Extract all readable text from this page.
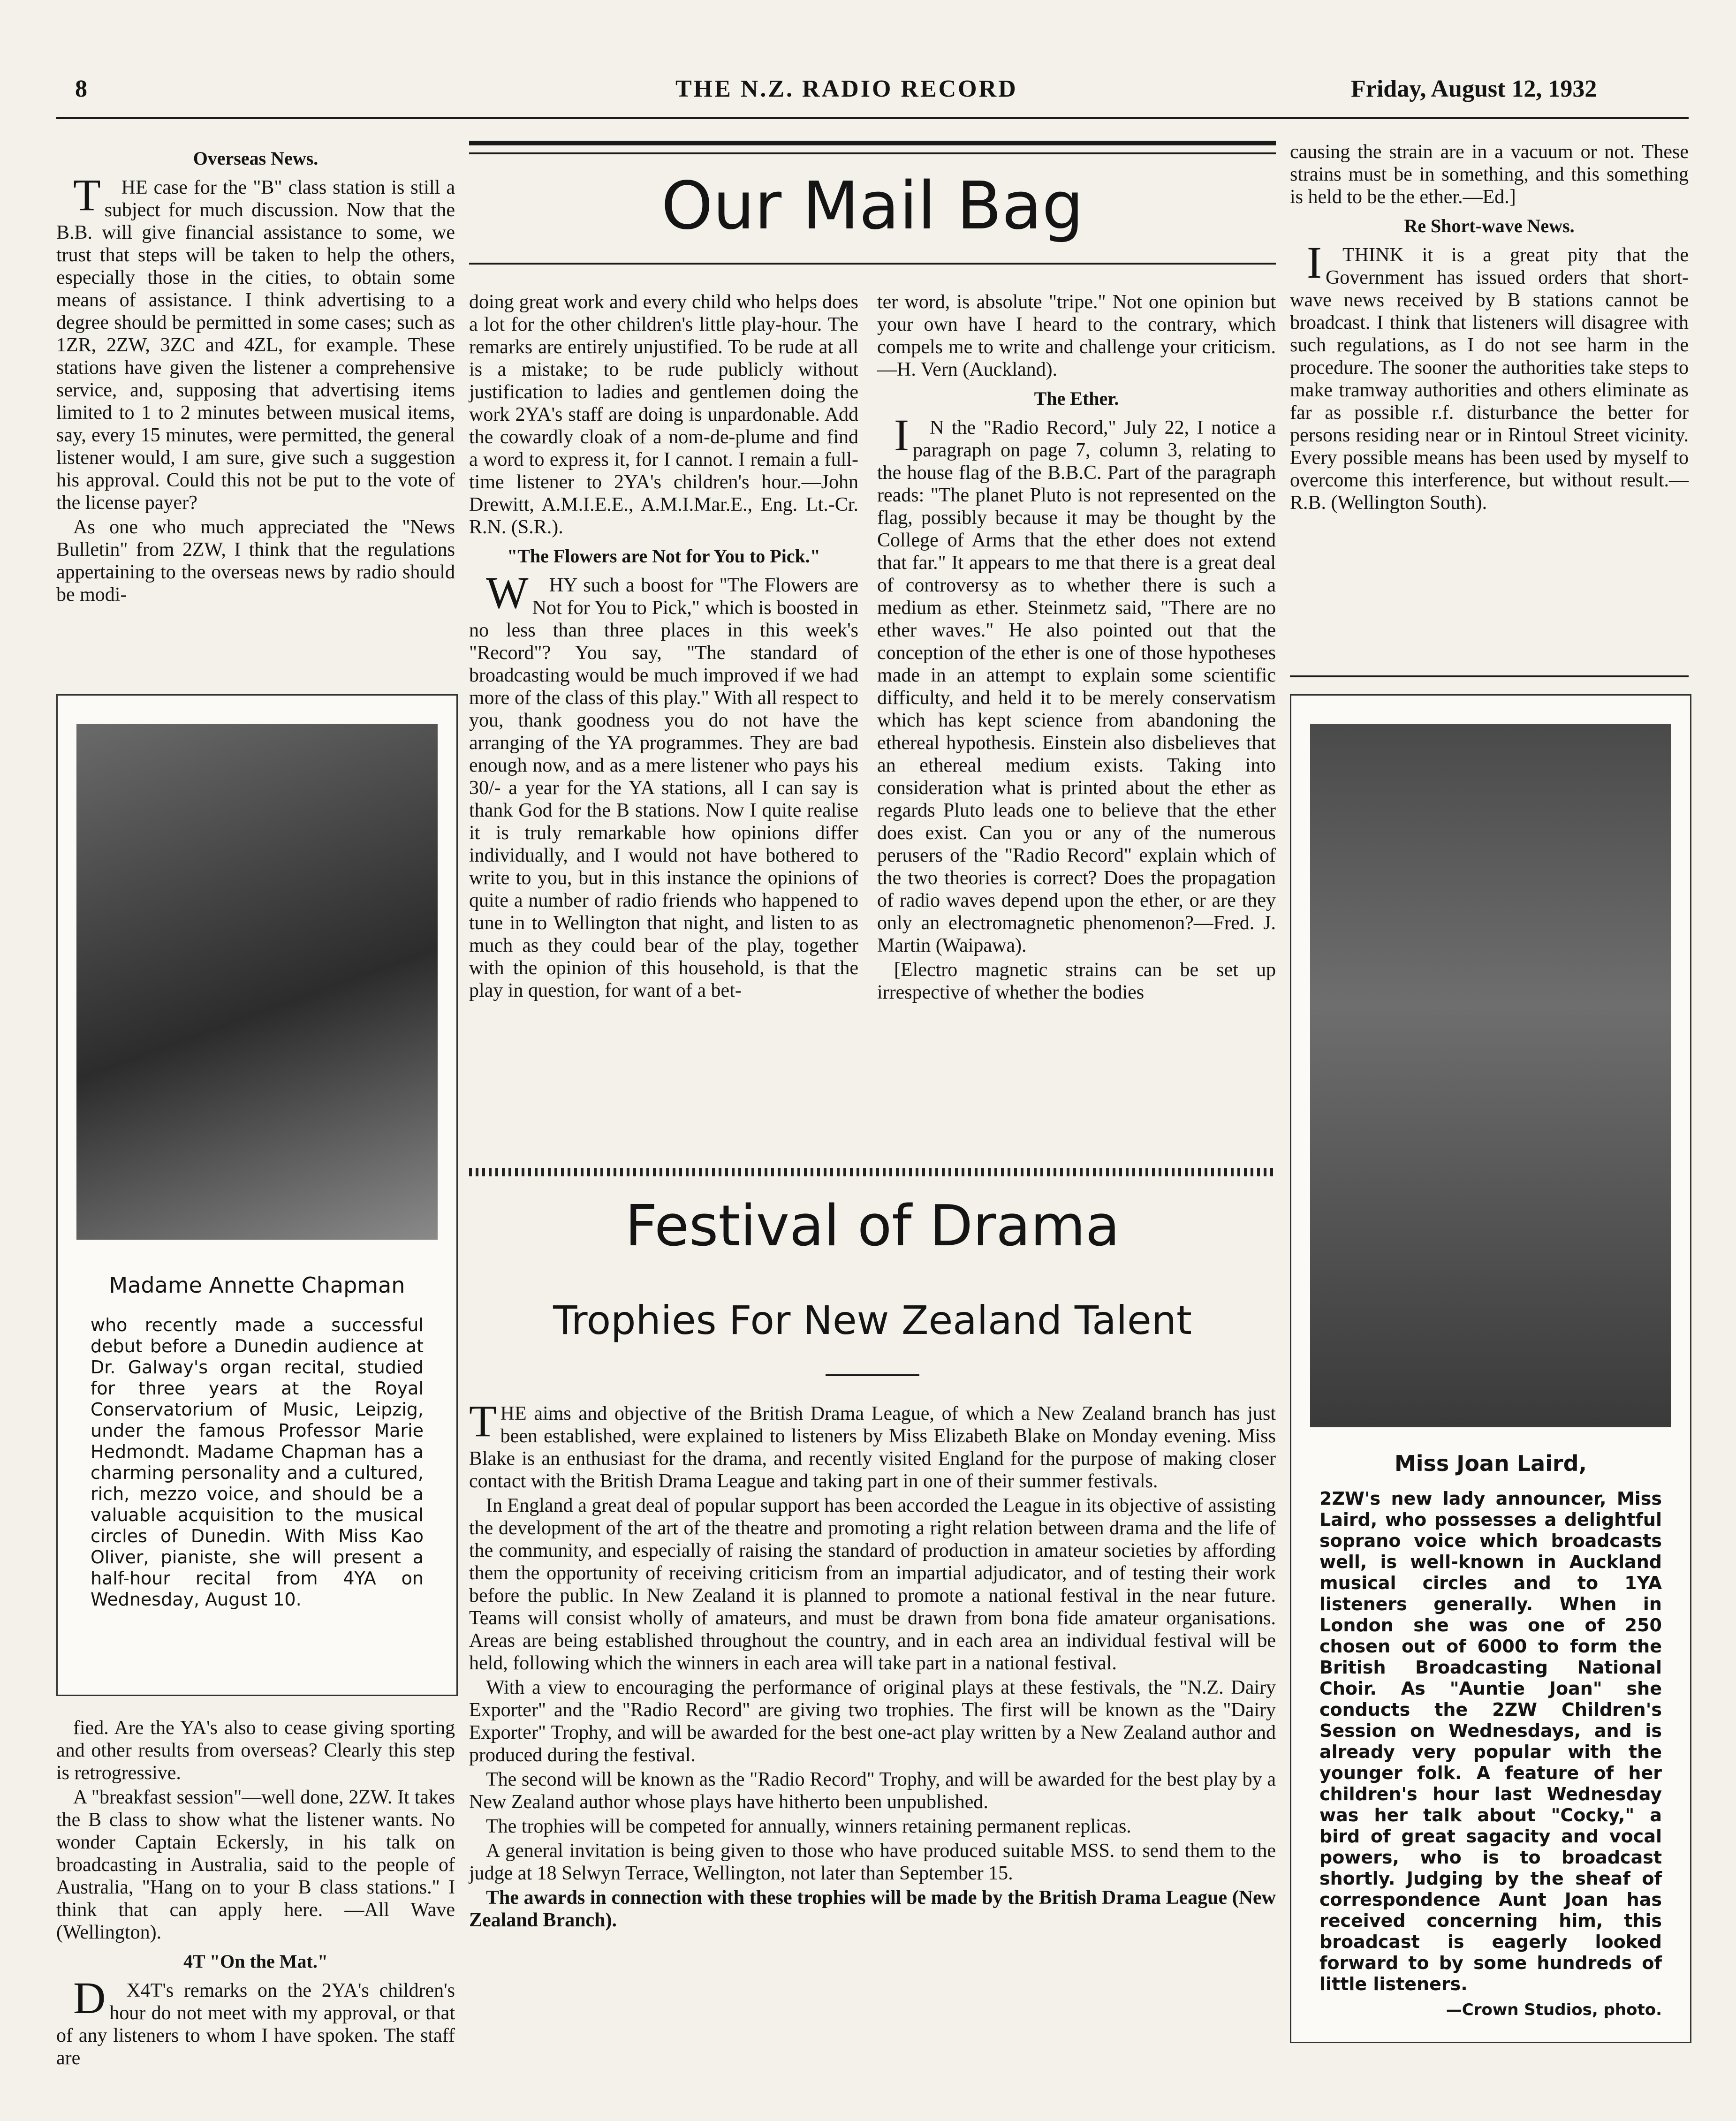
8	THE N.Z. RADIO RECORD	Friday, August 12, 1932
Overseas News.

THE case for the "B" class station is still a subject for much discussion. Now that the B.B. will give financial assistance to some, we trust that steps will be taken to help the others, especially those in the cities, to obtain some means of assistance. I think advertising to a degree should be permitted in some cases; such as 1ZR, 2ZW, 3ZC and 4ZL, for example. These stations have given the listener a comprehensive service, and, supposing that advertising items limited to 1 to 2 minutes between musical items, say, every 15 minutes, were permitted, the general listener would, I am sure, give such a suggestion his approval. Could this not be put to the vote of the license payer?

As one who much appreciated the "News Bulletin" from 2ZW, I think that the regulations appertaining to the overseas news by radio should be modi-

Madame Annette Chapman
who recently made a successful debut before a Dunedin audience at Dr. Galway's organ recital, studied for three years at the Royal Conservatorium of Music, Leipzig, under the famous Professor Marie Hedmondt. Madame Chapman has a charming personality and a cultured, rich, mezzo voice, and should be a valuable acquisition to the musical circles of Dunedin. With Miss Kao Oliver, pianiste, she will present a half-hour recital from 4YA on Wednesday, August 10.

fied. Are the YA's also to cease giving sporting and other results from overseas? Clearly this step is retrogressive.

A "breakfast session"—well done, 2ZW. It takes the B class to show what the listener wants. No wonder Captain Eckersly, in his talk on broadcasting in Australia, said to the people of Australia, "Hang on to your B class stations." I think that can apply here. —All Wave (Wellington).

4T "On the Mat."

DX4T's remarks on the 2YA's children's hour do not meet with my approval, or that of any listeners to whom I have spoken. The staff are

Our Mail Bag

doing great work and every child who helps does a lot for the other children's little play-hour. The remarks are entirely unjustified. To be rude at all is a mistake; to be rude publicly without justification to ladies and gentlemen doing the work 2YA's staff are doing is unpardonable. Add the cowardly cloak of a nom-de-plume and find a word to express it, for I cannot. I remain a full-time listener to 2YA's children's hour.—John Drewitt, A.M.I.E.E., A.M.I.Mar.E., Eng. Lt.-Cr. R.N. (S.R.).

"The Flowers are Not for You to Pick."

WHY such a boost for "The Flowers are Not for You to Pick," which is boosted in no less than three places in this week's "Record"? You say, "The standard of broadcasting would be much improved if we had more of the class of this play." With all respect to you, thank goodness you do not have the arranging of the YA programmes. They are bad enough now, and as a mere listener who pays his 30/- a year for the YA stations, all I can say is thank God for the B stations. Now I quite realise it is truly remarkable how opinions differ individually, and I would not have bothered to write to you, but in this instance the opinions of quite a number of radio friends who happened to tune in to Wellington that night, and listen to as much as they could bear of the play, together with the opinion of this household, is that the play in question, for want of a bet-

ter word, is absolute "tripe." Not one opinion but your own have I heard to the contrary, which compels me to write and challenge your criticism.—H. Vern (Auckland).

The Ether.

IN the "Radio Record," July 22, I notice a paragraph on page 7, column 3, relating to the house flag of the B.B.C. Part of the paragraph reads: "The planet Pluto is not represented on the flag, possibly because it may be thought by the College of Arms that the ether does not extend that far." It appears to me that there is a great deal of controversy as to whether there is such a medium as ether. Steinmetz said, "There are no ether waves." He also pointed out that the conception of the ether is one of those hypotheses made in an attempt to explain some scientific difficulty, and held it to be merely conservatism which has kept science from abandoning the ethereal hypothesis. Einstein also disbelieves that an ethereal medium exists. Taking into consideration what is printed about the ether as regards Pluto leads one to believe that the ether does exist. Can you or any of the numerous perusers of the "Radio Record" explain which of the two theories is correct? Does the propagation of radio waves depend upon the ether, or are they only an electromagnetic phenomenon?—Fred. J. Martin (Waipawa).

[Electro magnetic strains can be set up irrespective of whether the bodies

Festival of Drama
Trophies For New Zealand Talent

THE aims and objective of the British Drama League, of which a New Zealand branch has just been established, were explained to listeners by Miss Elizabeth Blake on Monday evening. Miss Blake is an enthusiast for the drama, and recently visited England for the purpose of making closer contact with the British Drama League and taking part in one of their summer festivals.

In England a great deal of popular support has been accorded the League in its objective of assisting the development of the art of the theatre and promoting a right relation between drama and the life of the community, and especially of raising the standard of production in amateur societies by affording them the opportunity of receiving criticism from an impartial adjudicator, and of testing their work before the public. In New Zealand it is planned to promote a national festival in the near future. Teams will consist wholly of amateurs, and must be drawn from bona fide amateur organisations. Areas are being established throughout the country, and in each area an individual festival will be held, following which the winners in each area will take part in a national festival.

With a view to encouraging the performance of original plays at these festivals, the "N.Z. Dairy Exporter" and the "Radio Record" are giving two trophies. The first will be known as the "Dairy Exporter" Trophy, and will be awarded for the best one-act play written by a New Zealand author and produced during the festival.

The second will be known as the "Radio Record" Trophy, and will be awarded for the best play by a New Zealand author whose plays have hitherto been unpublished.

The trophies will be competed for annually, winners retaining permanent replicas.

A general invitation is being given to those who have produced suitable MSS. to send them to the judge at 18 Selwyn Terrace, Wellington, not later than September 15.

The awards in connection with these trophies will be made by the British Drama League (New Zealand Branch).

causing the strain are in a vacuum or not. These strains must be in something, and this something is held to be the ether.—Ed.]

Re Short-wave News.

ITHINK it is a great pity that the Government has issued orders that short-wave news received by B stations cannot be broadcast. I think that listeners will disagree with such regulations, as I do not see harm in the procedure. The sooner the authorities take steps to make tramway authorities and others eliminate as far as possible r.f. disturbance the better for persons residing near or in Rintoul Street vicinity. Every possible means has been used by myself to overcome this interference, but without result.—R.B. (Wellington South).

Miss Joan Laird,
2ZW's new lady announcer, Miss Laird, who possesses a delightful soprano voice which broadcasts well, is well-known in Auckland musical circles and to 1YA listeners generally. When in London she was one of 250 chosen out of 6000 to form the British Broadcasting National Choir. As "Auntie Joan" she conducts the 2ZW Children's Session on Wednesdays, and is already very popular with the younger folk. A feature of her children's hour last Wednesday was her talk about "Cocky," a bird of great sagacity and vocal powers, who is to broadcast shortly. Judging by the sheaf of correspondence Aunt Joan has received concerning him, this broadcast is eagerly looked forward to by some hundreds of little listeners.
—Crown Studios, photo.
